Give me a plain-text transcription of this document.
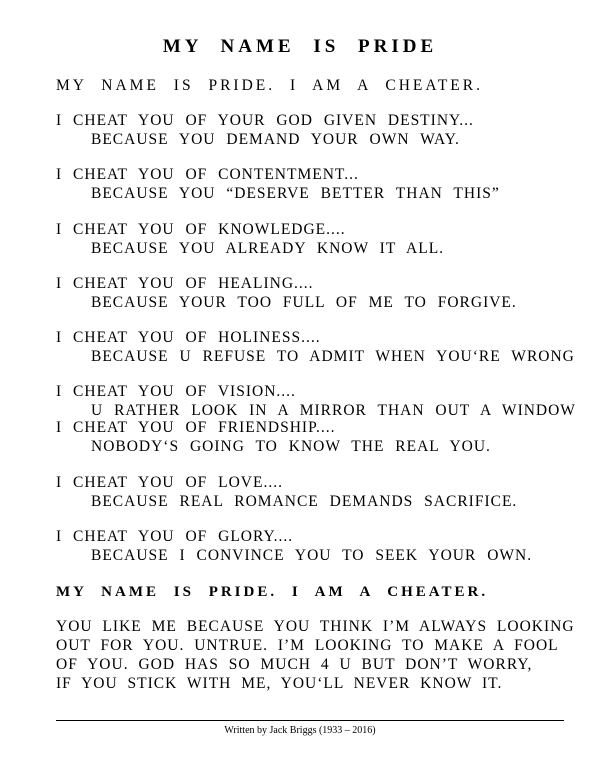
MY NAME IS PRIDE
MY NAME IS PRIDE. I AM A CHEATER.
I CHEAT YOU OF YOUR GOD GIVEN DESTINY...
BECAUSE YOU DEMAND YOUR OWN WAY.
I CHEAT YOU OF CONTENTMENT...
BECAUSE YOU “DESERVE BETTER THAN THIS”
I CHEAT YOU OF KNOWLEDGE....
BECAUSE YOU ALREADY KNOW IT ALL.
I CHEAT YOU OF HEALING....
BECAUSE YOUR TOO FULL OF ME TO FORGIVE.
I CHEAT YOU OF HOLINESS....
BECAUSE U REFUSE TO ADMIT WHEN YOU‘RE WRONG
I CHEAT YOU OF VISION....
U RATHER LOOK IN A MIRROR THAN OUT A WINDOW
I CHEAT YOU OF FRIENDSHIP....
NOBODY‘S GOING TO KNOW THE REAL YOU.
I CHEAT YOU OF LOVE....
BECAUSE REAL ROMANCE DEMANDS SACRIFICE.
I CHEAT YOU OF GLORY....
BECAUSE I CONVINCE YOU TO SEEK YOUR OWN.
MY NAME IS PRIDE. I AM A CHEATER.
YOU LIKE ME BECAUSE YOU THINK I’M ALWAYS LOOKING
OUT FOR YOU. UNTRUE. I’M LOOKING TO MAKE A FOOL
OF YOU. GOD HAS SO MUCH 4 U BUT DON’T WORRY,
IF YOU STICK WITH ME, YOU‘LL NEVER KNOW IT.
Written by Jack Briggs (1933 – 2016)
